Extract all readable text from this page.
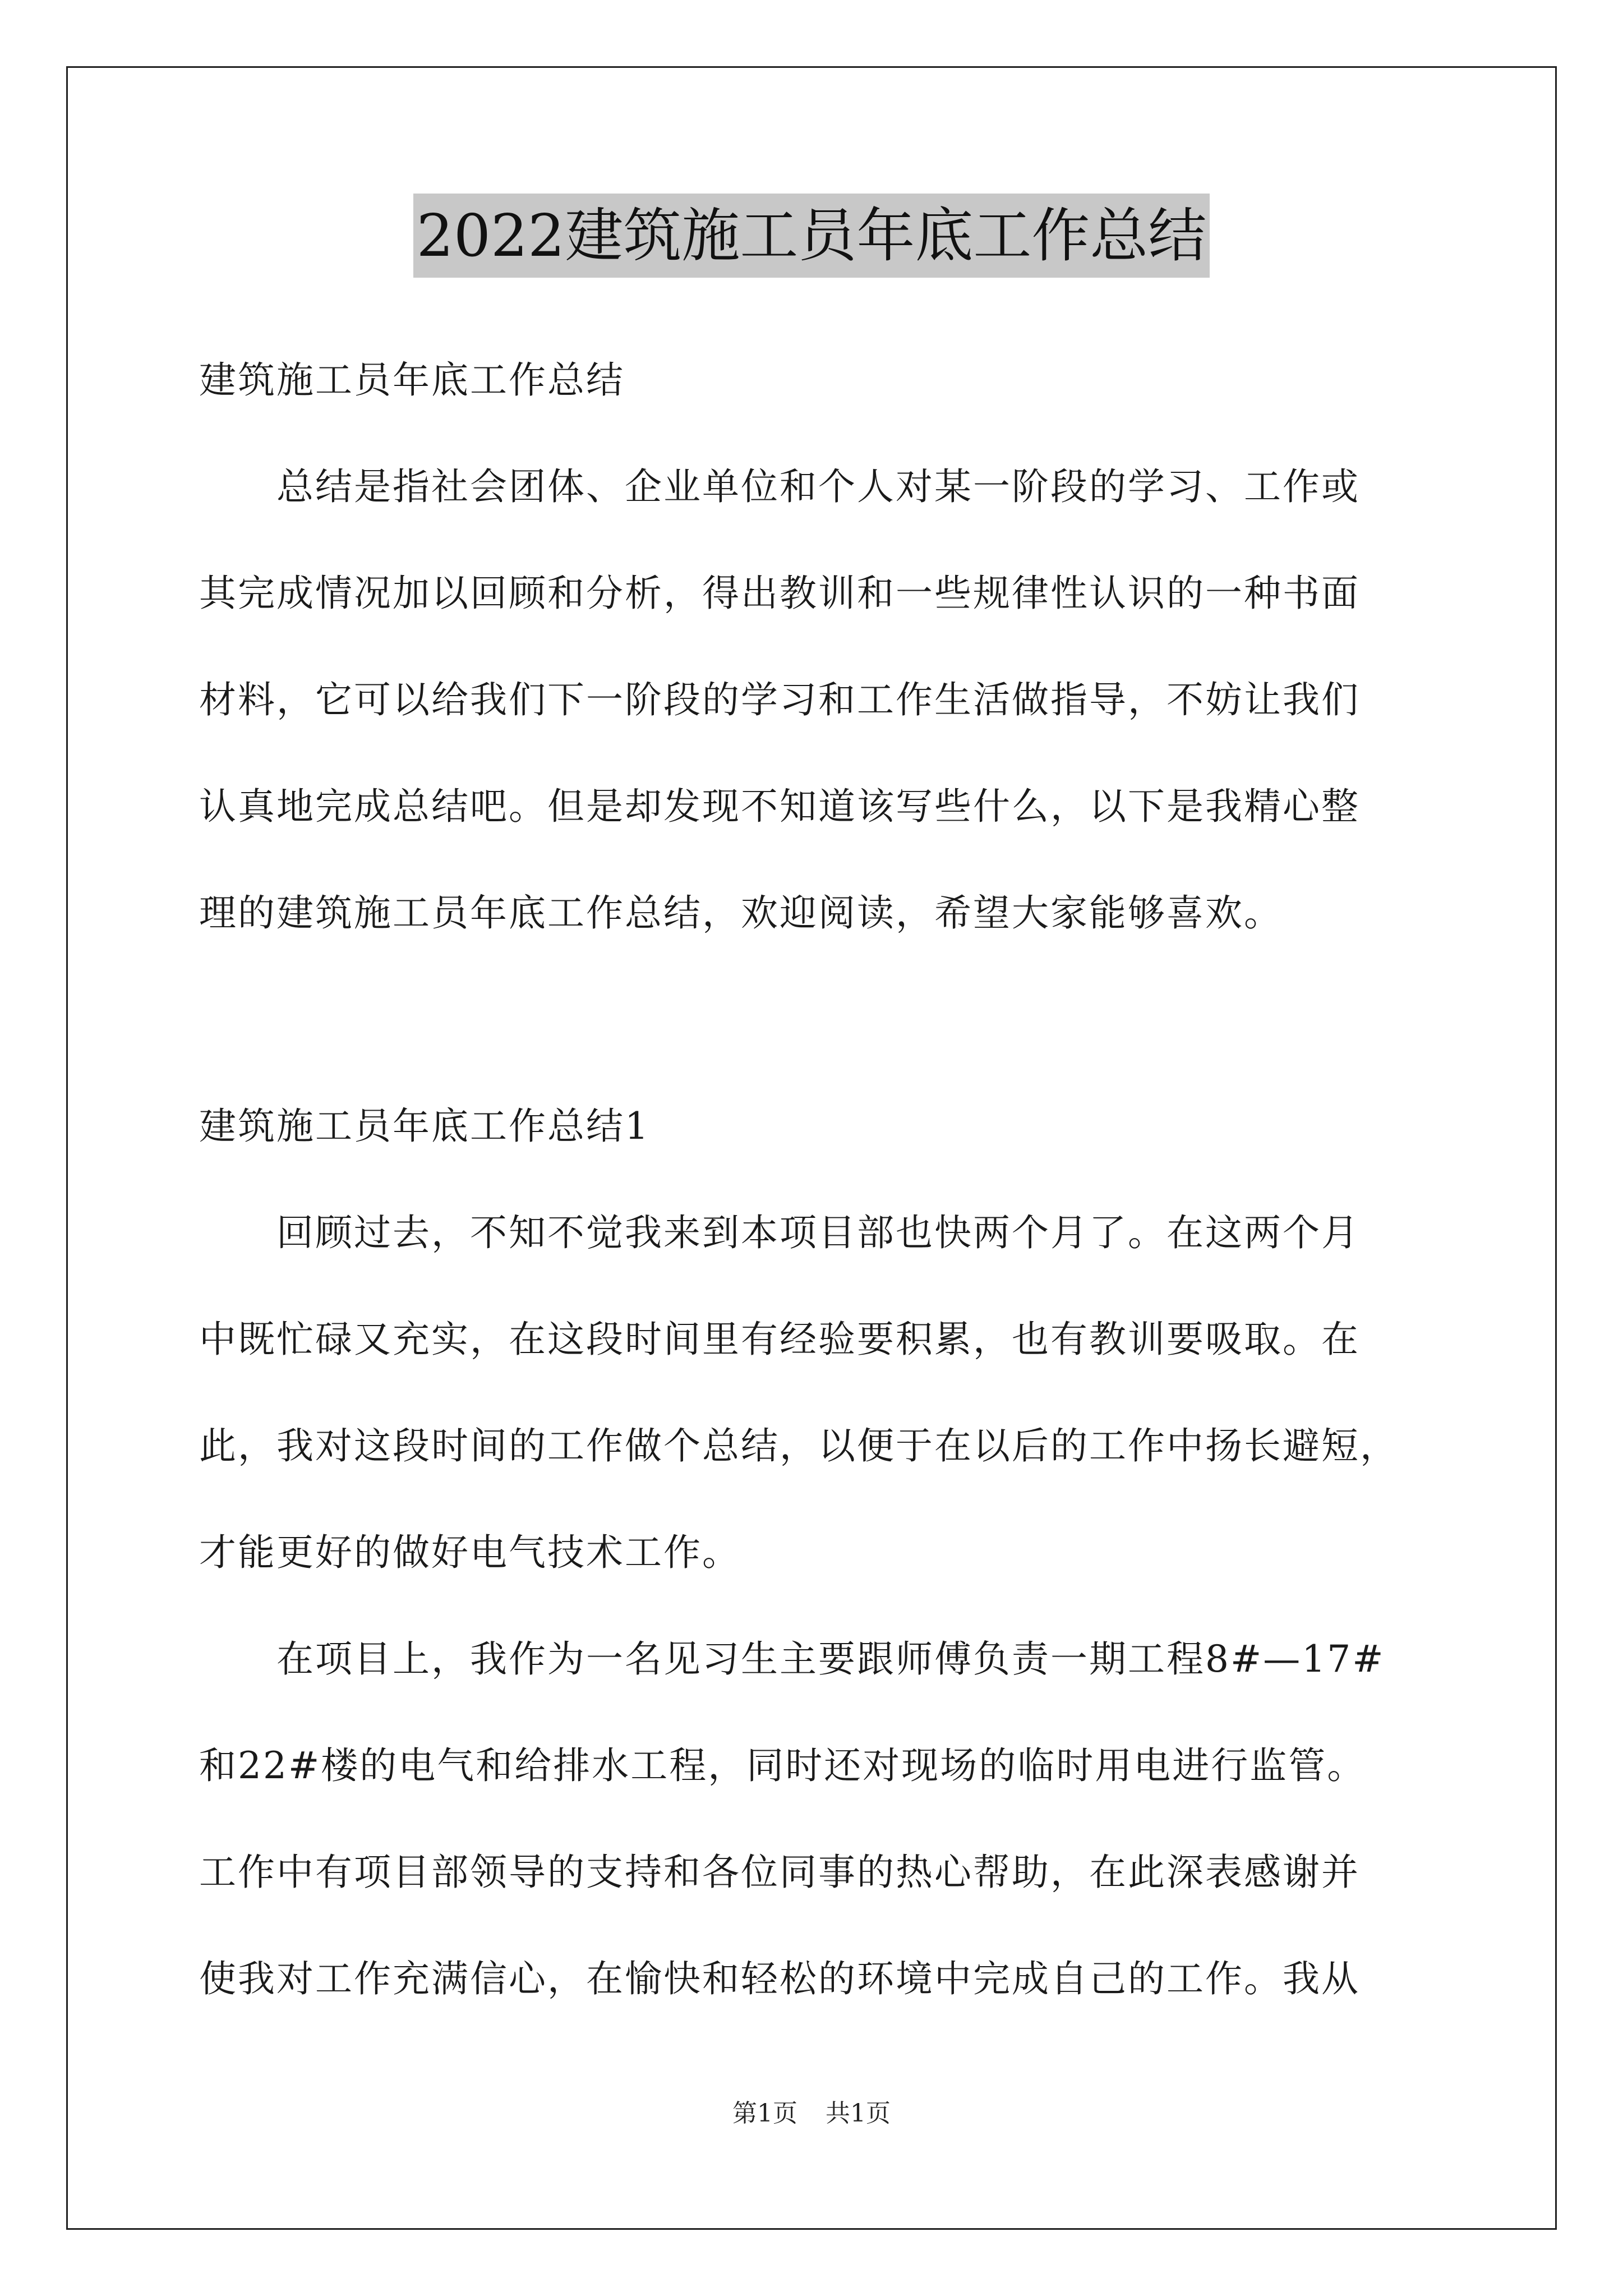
2022建筑施工员年底工作总结
建筑施工员年底工作总结
　　总结是指社会团体、企业单位和个人对某一阶段的学习、工作或
其完成情况加以回顾和分析，得出教训和一些规律性认识的一种书面
材料，它可以给我们下一阶段的学习和工作生活做指导，不妨让我们
认真地完成总结吧。但是却发现不知道该写些什么，以下是我精心整
理的建筑施工员年底工作总结，欢迎阅读，希望大家能够喜欢。
建筑施工员年底工作总结1
　　回顾过去，不知不觉我来到本项目部也快两个月了。在这两个月
中既忙碌又充实，在这段时间里有经验要积累，也有教训要吸取。在
此，我对这段时间的工作做个总结，以便于在以后的工作中扬长避短，
才能更好的做好电气技术工作。
　　在项目上，我作为一名见习生主要跟师傅负责一期工程8#—17#
和22#楼的电气和给排水工程，同时还对现场的临时用电进行监管。
工作中有项目部领导的支持和各位同事的热心帮助，在此深表感谢并
使我对工作充满信心，在愉快和轻松的环境中完成自己的工作。我从
第1页 共1页
